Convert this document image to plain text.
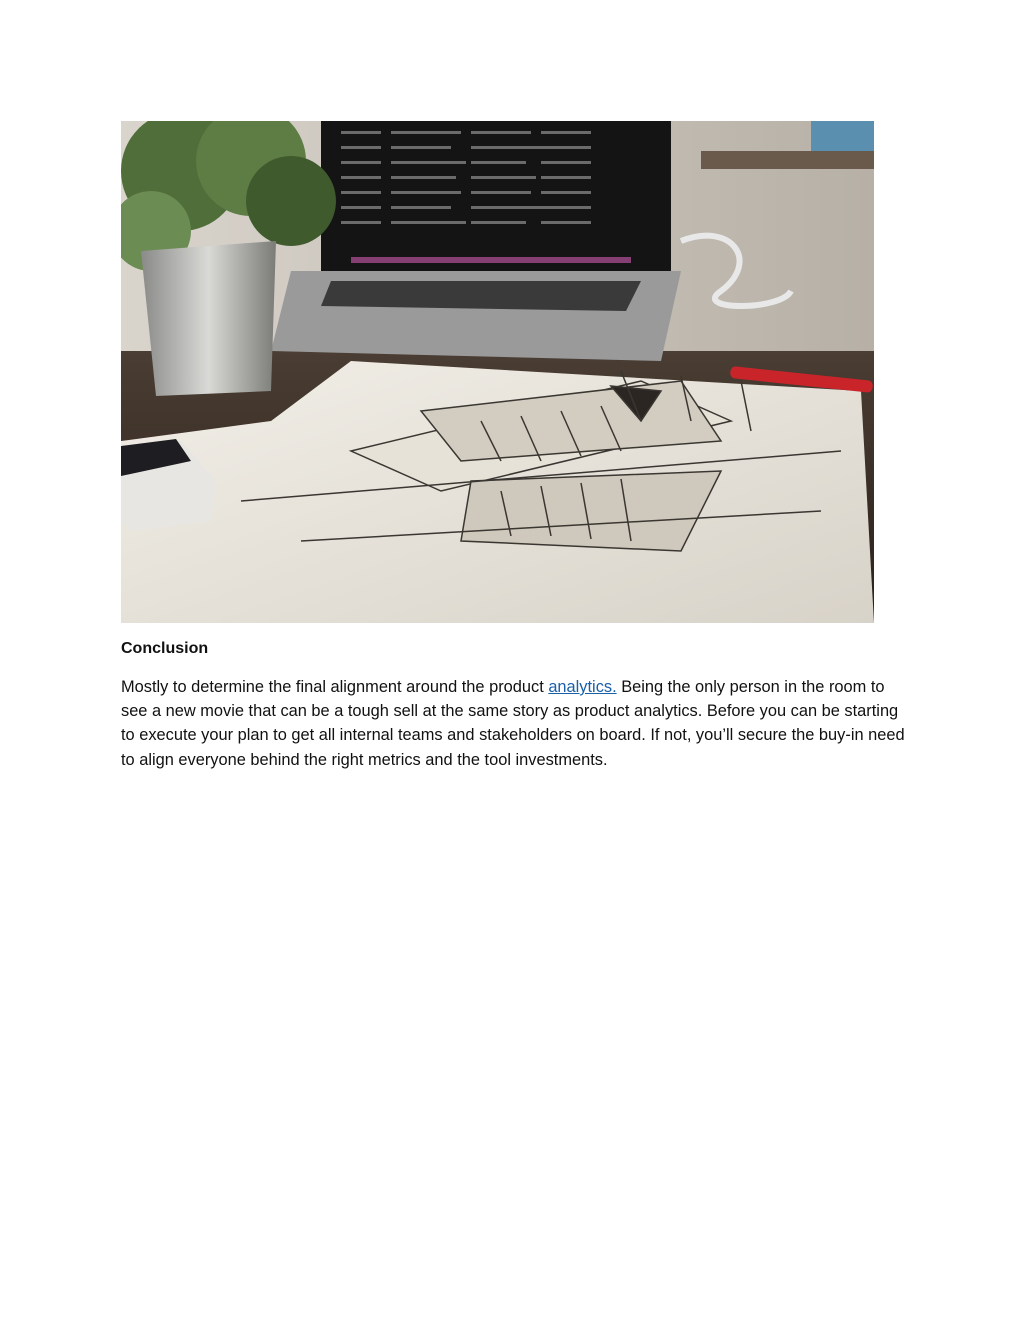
Conclusion

Mostly to determine the final alignment around the product analytics. Being the only person in the room to see a new movie that can be a tough sell at the same story as product analytics. Before you can be starting to execute your plan to get all internal teams and stakeholders on board. If not, you’ll secure the buy-in need to align everyone behind the right metrics and the tool investments.
